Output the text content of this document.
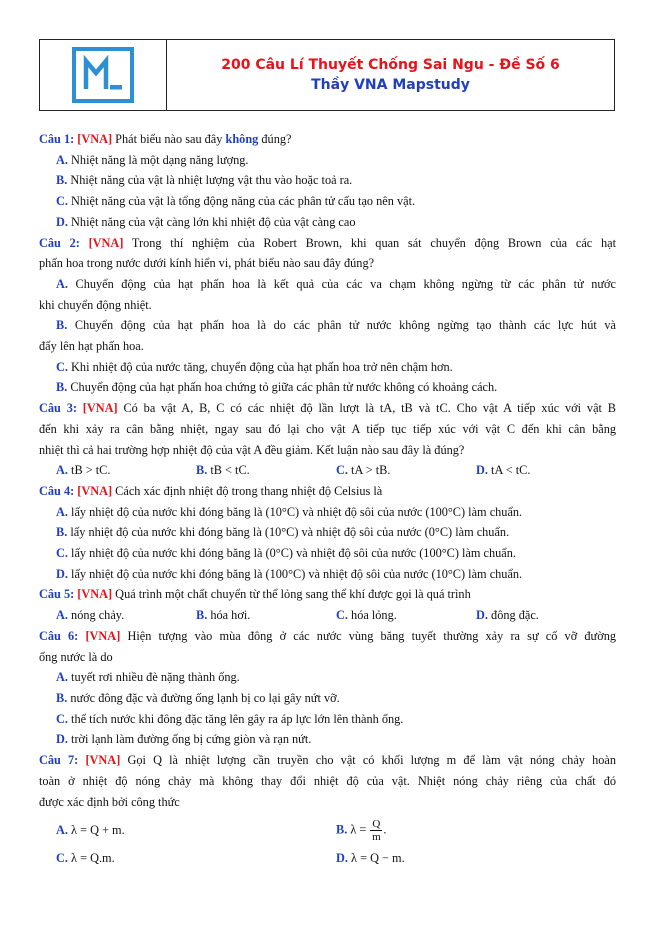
200 Câu Lí Thuyết Chống Sai Ngu - Đề Số 6
Thầy VNA Mapstudy
Câu 1: [VNA] Phát biểu nào sau đây không đúng?
A. Nhiệt năng là một dạng năng lượng.
B. Nhiệt năng của vật là nhiệt lượng vật thu vào hoặc toả ra.
C. Nhiệt năng của vật là tổng động năng của các phân tử cấu tạo nên vật.
D. Nhiệt năng của vật càng lớn khi nhiệt độ của vật càng cao
Câu 2: [VNA] Trong thí nghiệm của Robert Brown, khi quan sát chuyển động Brown của các hạt
phấn hoa trong nước dưới kính hiển vi, phát biểu nào sau đây đúng?
A. Chuyển động của hạt phấn hoa là kết quả của các va chạm không ngừng từ các phân tử nước
khi chuyển động nhiệt.
B. Chuyển động của hạt phấn hoa là do các phân tử nước không ngừng tạo thành các lực hút và
đẩy lên hạt phấn hoa.
C. Khi nhiệt độ của nước tăng, chuyển động của hạt phấn hoa trở nên chậm hơn.
B. Chuyển động của hạt phấn hoa chứng tỏ giữa các phân tử nước không có khoảng cách.
Câu 3: [VNA] Có ba vật A, B, C có các nhiệt độ lần lượt là tA, tB và tC. Cho vật A tiếp xúc với vật B
đến khi xảy ra cân bằng nhiệt, ngay sau đó lại cho vật A tiếp tục tiếp xúc với vật C đến khi cân bằng
nhiệt thì cả hai trường hợp nhiệt độ của vật A đều giảm. Kết luận nào sau đây là đúng?
A. tB > tC.	B. tB < tC.	C. tA > tB.	D. tA < tC.
Câu 4: [VNA] Cách xác định nhiệt độ trong thang nhiệt độ Celsius là
A. lấy nhiệt độ của nước khi đóng băng là (10°C) và nhiệt độ sôi của nước (100°C) làm chuẩn.
B. lấy nhiệt độ của nước khi đóng băng là (10°C) và nhiệt độ sôi của nước (0°C) làm chuẩn.
C. lấy nhiệt độ của nước khi đóng băng là (0°C) và nhiệt độ sôi của nước (100°C) làm chuẩn.
D. lấy nhiệt độ của nước khi đóng băng là (100°C) và nhiệt độ sôi của nước (10°C) làm chuẩn.
Câu 5: [VNA] Quá trình một chất chuyển từ thể lỏng sang thể khí được gọi là quá trình
A. nóng chảy.	B. hóa hơi.	C. hóa lỏng.	D. đông đặc.
Câu 6: [VNA] Hiện tượng vào mùa đông ở các nước vùng băng tuyết thường xảy ra sự cố vỡ đường
ống nước là do
A. tuyết rơi nhiều đè nặng thành ống.
B. nước đông đặc và đường ống lạnh bị co lại gây nứt vỡ.
C. thể tích nước khi đông đặc tăng lên gây ra áp lực lớn lên thành ống.
D. trời lạnh làm đường ống bị cứng giòn và rạn nứt.
Câu 7: [VNA] Gọi Q là nhiệt lượng cần truyền cho vật có khối lượng m để làm vật nóng chảy hoàn
toàn ở nhiệt độ nóng chảy mà không thay đổi nhiệt độ của vật. Nhiệt nóng chảy riêng của chất đó
được xác định bởi công thức
A. λ = Q + m.	B. $\lambda = \frac{Q}{m}$ .
C. λ = Q.m.	D. λ = Q − m.
